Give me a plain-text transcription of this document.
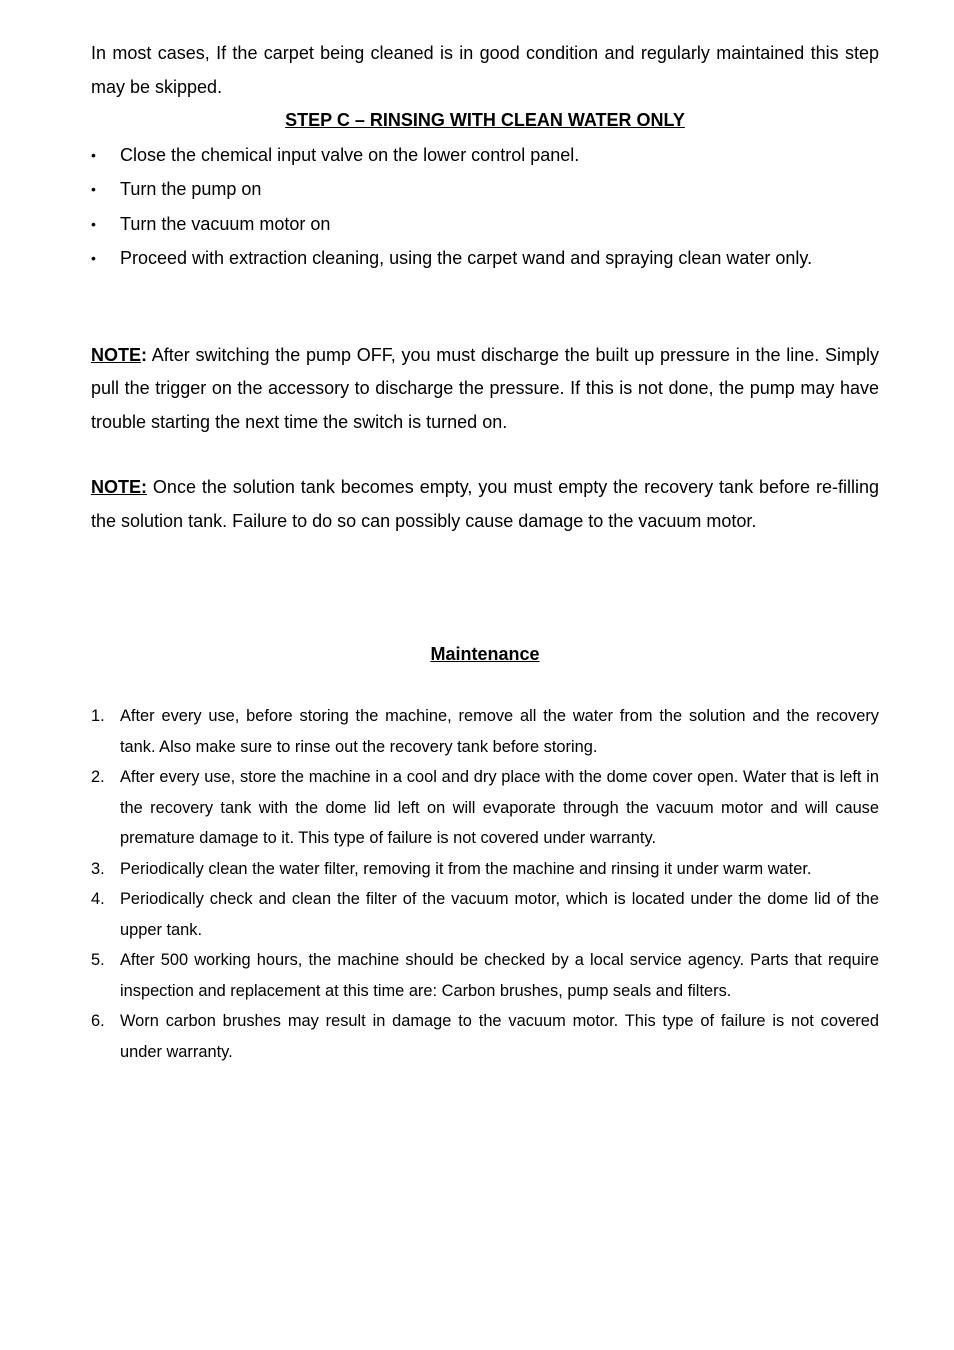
In most cases, If the carpet being cleaned is in good condition and regularly maintained this step may be skipped.

STEP C – RINSING WITH CLEAN WATER ONLY

•	Close the chemical input valve on the lower control panel.
•	Turn the pump on
•	Turn the vacuum motor on
•	Proceed with extraction cleaning, using the carpet wand and spraying clean water only.

NOTE: After switching the pump OFF, you must discharge the built up pressure in the line. Simply pull the trigger on the accessory to discharge the pressure. If this is not done, the pump may have trouble starting the next time the switch is turned on.

NOTE: Once the solution tank becomes empty, you must empty the recovery tank before re-filling the solution tank. Failure to do so can possibly cause damage to the vacuum motor.

Maintenance

1. After every use, before storing the machine, remove all the water from the solution and the recovery tank. Also make sure to rinse out the recovery tank before storing.
2. After every use, store the machine in a cool and dry place with the dome cover open. Water that is left in the recovery tank with the dome lid left on will evaporate through the vacuum motor and will cause premature damage to it. This type of failure is not covered under warranty.
3. Periodically clean the water filter, removing it from the machine and rinsing it under warm water.
4. Periodically check and clean the filter of the vacuum motor, which is located under the dome lid of the upper tank.
5. After 500 working hours, the machine should be checked by a local service agency. Parts that require inspection and replacement at this time are: Carbon brushes, pump seals and filters.
6. Worn carbon brushes may result in damage to the vacuum motor. This type of failure is not covered under warranty.
